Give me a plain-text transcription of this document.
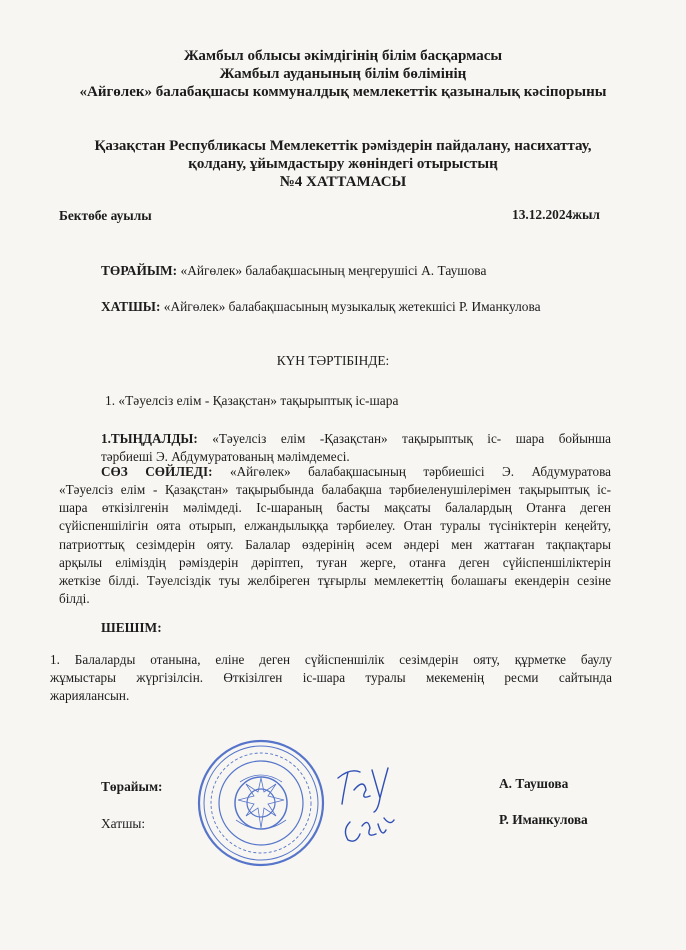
Жамбыл облысы әкімдігінің білім басқармасы
Жамбыл ауданының білім бөлімінің
«Айгөлек» балабақшасы коммуналдық мемлекеттік қазыналық кәсіпорыны
Қазақстан Республикасы Мемлекеттік рәміздерін пайдалану, насихаттау,
қолдану, ұйымдастыру жөніндегі отырыстың
№4 ХАТТАМАСЫ
Бектөбе ауылы	13.12.2024жыл
ТӨРАЙЫМ: «Айгөлек» балабақшасының меңгерушісі А. Таушова
ХАТШЫ: «Айгөлек» балабақшасының музыкалық жетекшісі Р. Иманкулова
КҮН ТӘРТІБІНДЕ:
1. «Тәуелсіз елім - Қазақстан» тақырыптық іс-шара
1.ТЫҢДАЛДЫ: «Тәуелсіз елім -Қазақстан» тақырыптық іс- шара бойынша
тәрбиеші Э. Абдумуратованың мәлімдемесі.
СӨЗ СӨЙЛЕДІ: «Айгөлек» балабақшасының тәрбиешісі Э. Абдумуратова
«Тәуелсіз елім - Қазақстан» тақырыбында балабақша тәрбиеленушілерімен тақырыптық іс-
шара өткізілгенін мәлімдеді. Іс-шараның басты мақсаты балалардың Отанға деген
сүйіспеншілігін оята отырып, елжандылыққа тәрбиелеу. Отан туралы түсініктерін кеңейту,
патриоттық сезімдерін ояту. Балалар өздерінің әсем әндері мен жаттаған тақпақтары
арқылы еліміздің рәміздерін дәріптеп, туған жерге, отанға деген сүйіспеншіліктерін
жеткізе білді. Тәуелсіздік туы желбіреген тұғырлы мемлекеттің болашағы екендерін сезіне
білді.
ШЕШІМ:
1. Балаларды отанына, еліне деген сүйіспеншілік сезімдерін ояту, құрметке баулу
жұмыстары жүргізілсін. Өткізілген іс-шара туралы мекеменің ресми сайтында
жарияланcын.
Төрайым:	А. Таушова
Хатшы:	Р. Иманкулова
